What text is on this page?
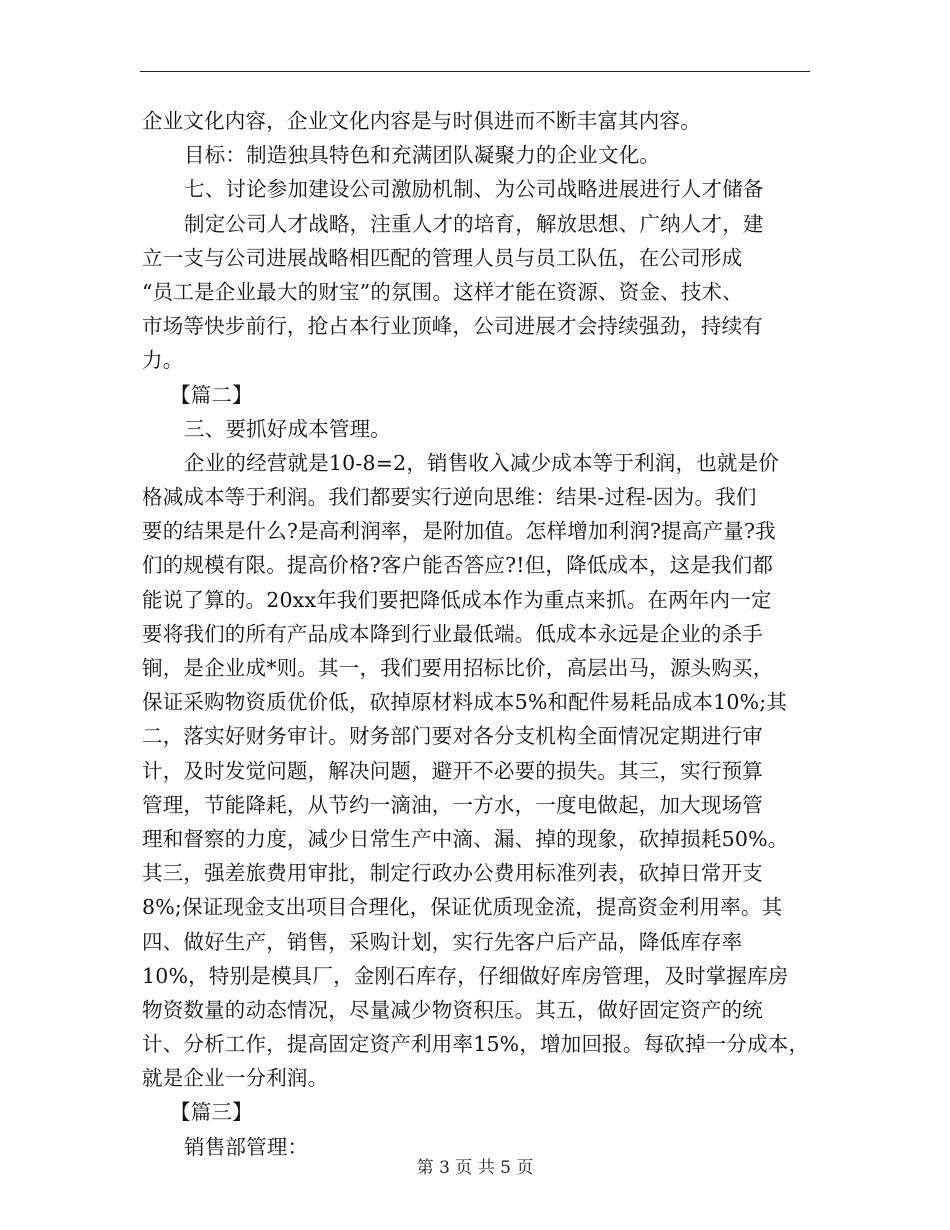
企业文化内容，企业文化内容是与时俱进而不断丰富其内容。
目标：制造独具特色和充满团队凝聚力的企业文化。
七、讨论参加建设公司激励机制、为公司战略进展进行人才储备
制定公司人才战略，注重人才的培育，解放思想、广纳人才，建
立一支与公司进展战略相匹配的管理人员与员工队伍，在公司形成
“员工是企业最大的财宝”的氛围。这样才能在资源、资金、技术、
市场等快步前行，抢占本行业顶峰，公司进展才会持续强劲，持续有
力。
【篇二】
三、要抓好成本管理。
企业的经营就是10-8=2，销售收入减少成本等于利润，也就是价
格减成本等于利润。我们都要实行逆向思维：结果-过程-因为。我们
要的结果是什么?是高利润率，是附加值。怎样增加利润?提高产量?我
们的规模有限。提高价格?客户能否答应?!但，降低成本，这是我们都
能说了算的。20xx年我们要把降低成本作为重点来抓。在两年内一定
要将我们的所有产品成本降到行业最低端。低成本永远是企业的杀手
锏，是企业成*则。其一，我们要用招标比价，高层出马，源头购买，
保证采购物资质优价低，砍掉原材料成本5%和配件易耗品成本10%;其
二，落实好财务审计。财务部门要对各分支机构全面情况定期进行审
计，及时发觉问题，解决问题，避开不必要的损失。其三，实行预算
管理，节能降耗，从节约一滴油，一方水，一度电做起，加大现场管
理和督察的力度，减少日常生产中滴、漏、掉的现象，砍掉损耗50%。
其三，强差旅费用审批，制定行政办公费用标准列表，砍掉日常开支
8%;保证现金支出项目合理化，保证优质现金流，提高资金利用率。其
四、做好生产，销售，采购计划，实行先客户后产品，降低库存率
10%，特别是模具厂，金刚石库存，仔细做好库房管理，及时掌握库房
物资数量的动态情况，尽量减少物资积压。其五，做好固定资产的统
计、分析工作，提高固定资产利用率15%，增加回报。每砍掉一分成本，
就是企业一分利润。
【篇三】
销售部管理：
第 3 页 共 5 页
